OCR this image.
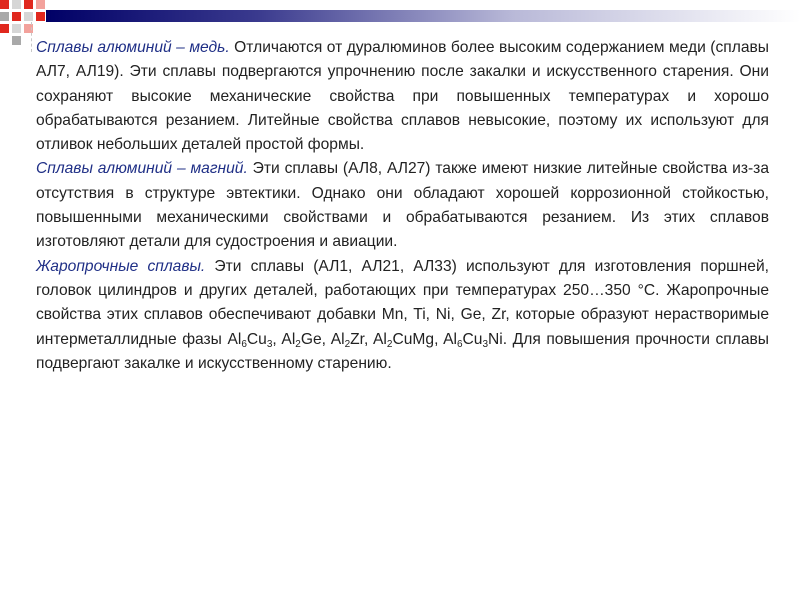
Сплавы алюминий – медь. Отличаются от дуралюминов более высоким содержанием меди (сплавы АЛ7, АЛ19). Эти сплавы подвергаются упрочнению после закалки и искусственного старения. Они сохраняют высокие механические свойства при повышенных температурах и хорошо обрабатываются резанием. Литейные свойства сплавов невысокие, поэтому их используют для отливок небольших деталей простой формы.

Сплавы алюминий – магний. Эти сплавы (АЛ8, АЛ27) также имеют низкие литейные свойства из-за отсутствия в структуре эвтектики. Однако они обладают хорошей коррозионной стойкостью, повышенными механическими свойствами и обрабатываются резанием. Из этих сплавов изготовляют детали для судостроения и авиации.

Жаропрочные сплавы. Эти сплавы (АЛ1, АЛ21, АЛ33) используют для изготовления поршней, головок цилиндров и других деталей, работающих при температурах 250…350 °С. Жаропрочные свойства этих сплавов обеспечивают добавки Mn, Ti, Ni, Ge, Zr, которые образуют нерастворимые интерметаллидные фазы $Al_6Cu_3$, $Al_2Ge$, $Al_2Zr$, $Al_2CuMg$, $Al_6Cu_3Ni$. Для повышения прочности сплавы подвергают закалке и искусственному старению.
